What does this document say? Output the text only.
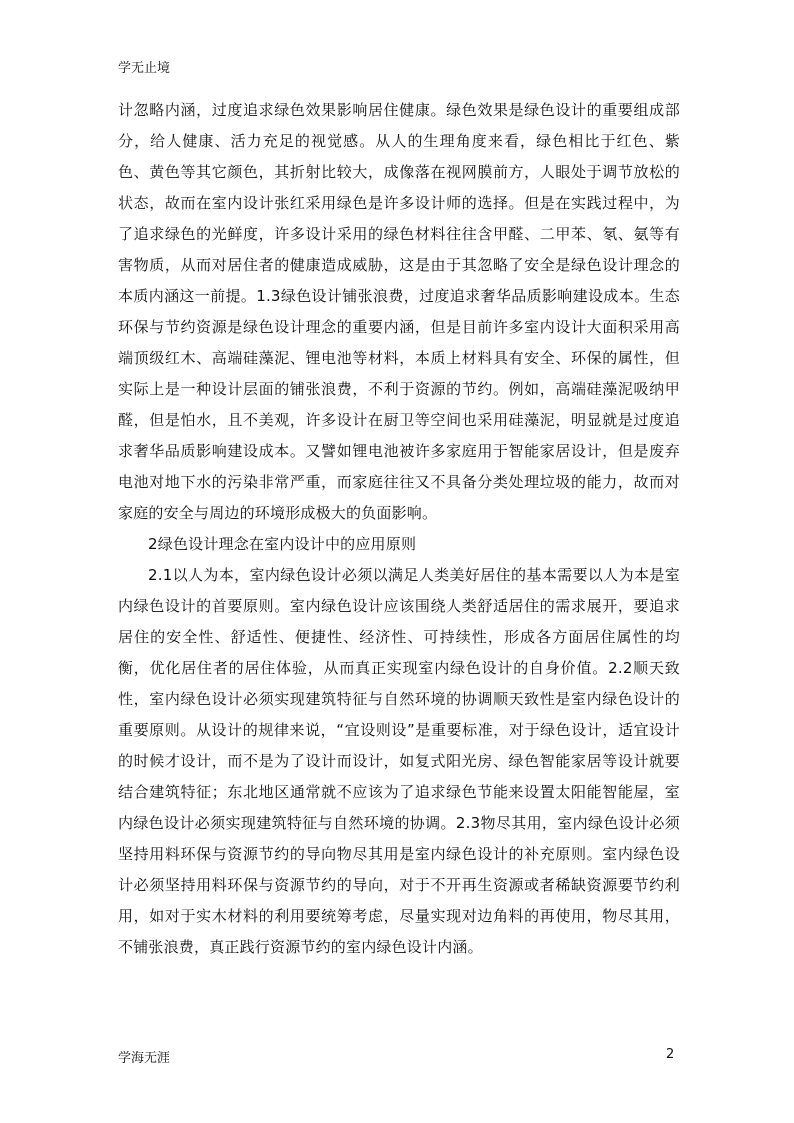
学无止境

计忽略内涵，过度追求绿色效果影响居住健康。绿色效果是绿色设计的重要组成部分，给人健康、活力充足的视觉感。从人的生理角度来看，绿色相比于红色、紫色、黄色等其它颜色，其折射比较大，成像落在视网膜前方，人眼处于调节放松的状态，故而在室内设计张红采用绿色是许多设计师的选择。但是在实践过程中，为了追求绿色的光鲜度，许多设计采用的绿色材料往往含甲醛、二甲苯、氡、氨等有害物质，从而对居住者的健康造成威胁，这是由于其忽略了安全是绿色设计理念的本质内涵这一前提。1.3绿色设计铺张浪费，过度追求奢华品质影响建设成本。生态环保与节约资源是绿色设计理念的重要内涵，但是目前许多室内设计大面积采用高端顶级红木、高端硅藻泥、锂电池等材料，本质上材料具有安全、环保的属性，但实际上是一种设计层面的铺张浪费，不利于资源的节约。例如，高端硅藻泥吸纳甲醛，但是怕水，且不美观，许多设计在厨卫等空间也采用硅藻泥，明显就是过度追求奢华品质影响建设成本。又譬如锂电池被许多家庭用于智能家居设计，但是废弃电池对地下水的污染非常严重，而家庭往往又不具备分类处理垃圾的能力，故而对家庭的安全与周边的环境形成极大的负面影响。

2绿色设计理念在室内设计中的应用原则

2.1以人为本，室内绿色设计必须以满足人类美好居住的基本需要以人为本是室内绿色设计的首要原则。室内绿色设计应该围绕人类舒适居住的需求展开，要追求居住的安全性、舒适性、便捷性、经济性、可持续性，形成各方面居住属性的均衡，优化居住者的居住体验，从而真正实现室内绿色设计的自身价值。2.2顺天致性，室内绿色设计必须实现建筑特征与自然环境的协调顺天致性是室内绿色设计的重要原则。从设计的规律来说，“宜设则设”是重要标准，对于绿色设计，适宜设计的时候才设计，而不是为了设计而设计，如复式阳光房、绿色智能家居等设计就要结合建筑特征；东北地区通常就不应该为了追求绿色节能来设置太阳能智能屋，室内绿色设计必须实现建筑特征与自然环境的协调。2.3物尽其用，室内绿色设计必须坚持用料环保与资源节约的导向物尽其用是室内绿色设计的补充原则。室内绿色设计必须坚持用料环保与资源节约的导向，对于不开再生资源或者稀缺资源要节约利用，如对于实木材料的利用要统筹考虑，尽量实现对边角料的再使用，物尽其用，不铺张浪费，真正践行资源节约的室内绿色设计内涵。

学海无涯	2
